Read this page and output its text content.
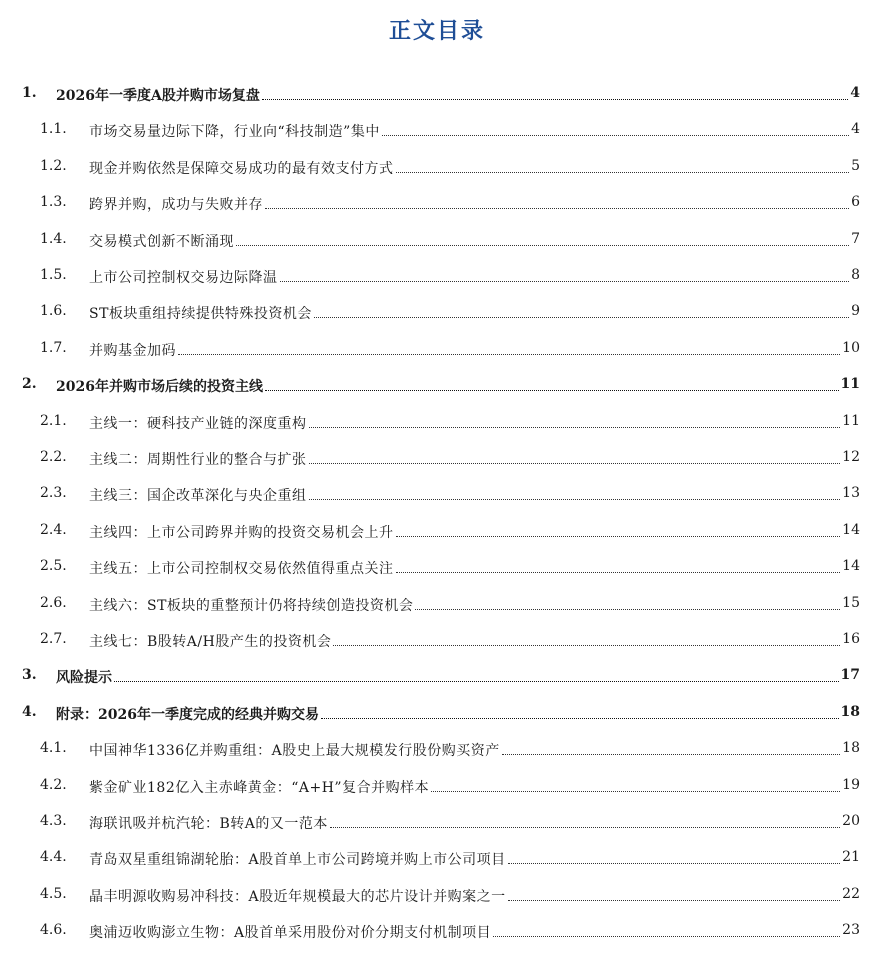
正文目录
1. 2026年一季度A股并购市场复盘	4
1.1. 市场交易量边际下降，行业向“科技制造”集中	4
1.2. 现金并购依然是保障交易成功的最有效支付方式	5
1.3. 跨界并购，成功与失败并存	6
1.4. 交易模式创新不断涌现	7
1.5. 上市公司控制权交易边际降温	8
1.6. ST板块重组持续提供特殊投资机会	9
1.7. 并购基金加码	10
2. 2026年并购市场后续的投资主线	11
2.1. 主线一：硬科技产业链的深度重构	11
2.2. 主线二：周期性行业的整合与扩张	12
2.3. 主线三：国企改革深化与央企重组	13
2.4. 主线四：上市公司跨界并购的投资交易机会上升	14
2.5. 主线五：上市公司控制权交易依然值得重点关注	14
2.6. 主线六：ST板块的重整预计仍将持续创造投资机会	15
2.7. 主线七：B股转A/H股产生的投资机会	16
3. 风险提示	17
4. 附录：2026年一季度完成的经典并购交易	18
4.1. 中国神华1336亿并购重组：A股史上最大规模发行股份购买资产	18
4.2. 紫金矿业182亿入主赤峰黄金：“A+H”复合并购样本	19
4.3. 海联讯吸并杭汽轮：B转A的又一范本	20
4.4. 青岛双星重组锦湖轮胎：A股首单上市公司跨境并购上市公司项目	21
4.5. 晶丰明源收购易冲科技：A股近年规模最大的芯片设计并购案之一	22
4.6. 奥浦迈收购澎立生物：A股首单采用股份对价分期支付机制项目	23
